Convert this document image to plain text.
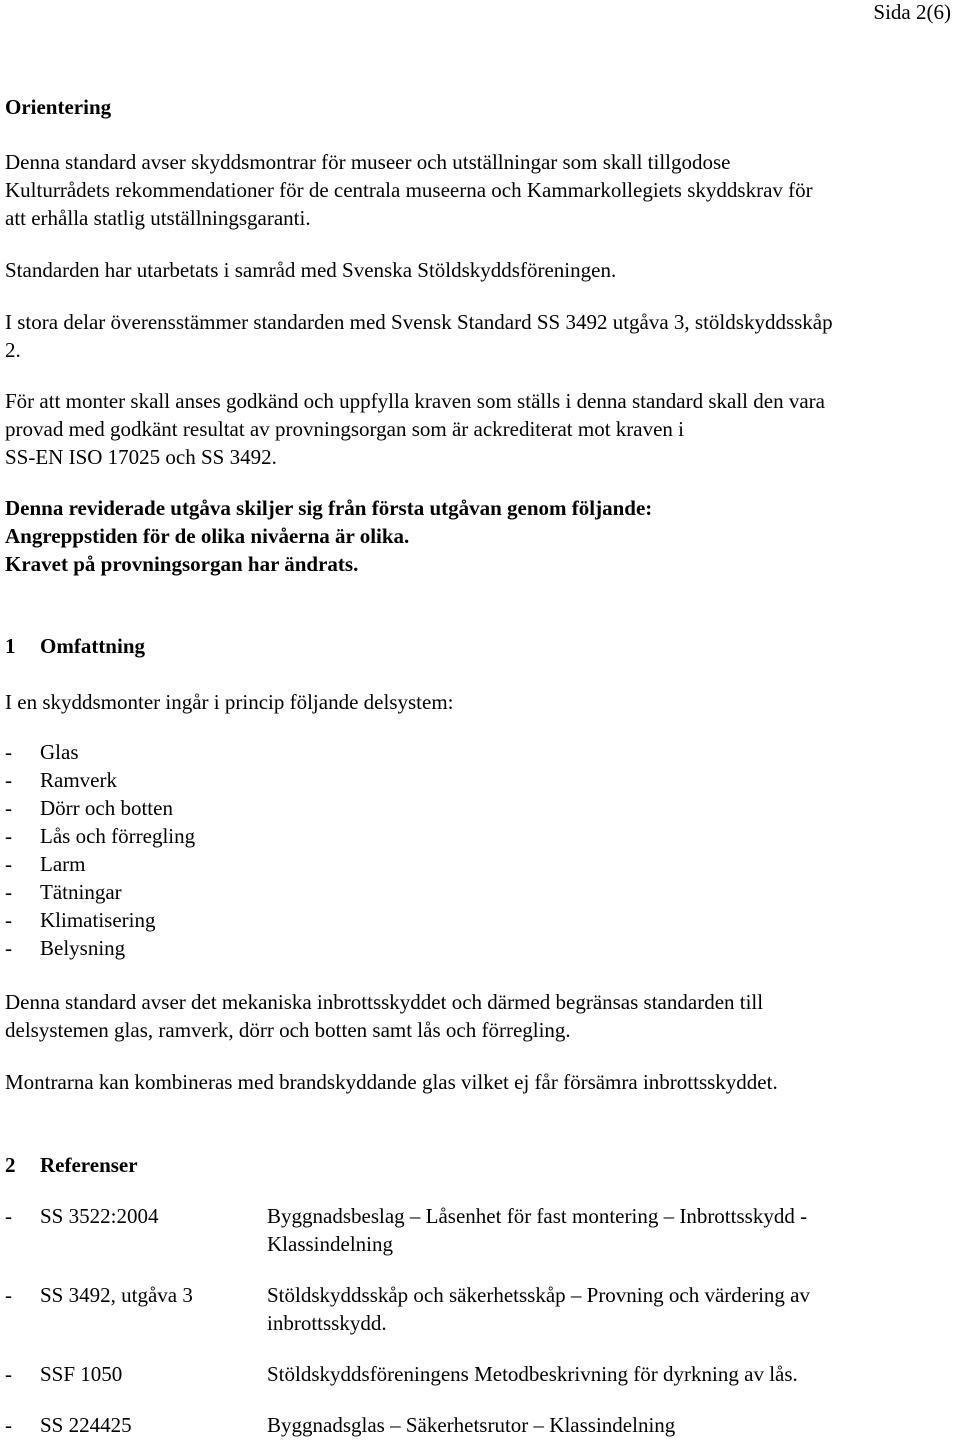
Sida 2(6)
Orientering

Denna standard avser skyddsmontrar för museer och utställningar som skall tillgodose
Kulturrådets rekommendationer för de centrala museerna och Kammarkollegiets skyddskrav för
att erhålla statlig utställningsgaranti.

Standarden har utarbetats i samråd med Svenska Stöldskyddsföreningen.

I stora delar överensstämmer standarden med Svensk Standard SS 3492 utgåva 3, stöldskyddsskåp
2.

För att monter skall anses godkänd och uppfylla kraven som ställs i denna standard skall den vara
provad med godkänt resultat av provningsorgan som är ackrediterat mot kraven i
SS-EN ISO 17025 och SS 3492.

Denna reviderade utgåva skiljer sig från första utgåvan genom följande:
Angreppstiden för de olika nivåerna är olika.
Kravet på provningsorgan har ändrats.

1 Omfattning

I en skyddsmonter ingår i princip följande delsystem:

- Glas
- Ramverk
- Dörr och botten
- Lås och förregling
- Larm
- Tätningar
- Klimatisering
- Belysning

Denna standard avser det mekaniska inbrottsskyddet och därmed begränsas standarden till
delsystemen glas, ramverk, dörr och botten samt lås och förregling.

Montrarna kan kombineras med brandskyddande glas vilket ej får försämra inbrottsskyddet.

2 Referenser
- SS 3522:2004	Byggnadsbeslag – Låsenhet för fast montering – Inbrottsskydd - Klassindelning
- SS 3492, utgåva 3	Stöldskyddsskåp och säkerhetsskåp – Provning och värdering av inbrottsskydd.
- SSF 1050	Stöldskyddsföreningens Metodbeskrivning för dyrkning av lås.
- SS 224425	Byggnadsglas – Säkerhetsrutor – Klassindelning
